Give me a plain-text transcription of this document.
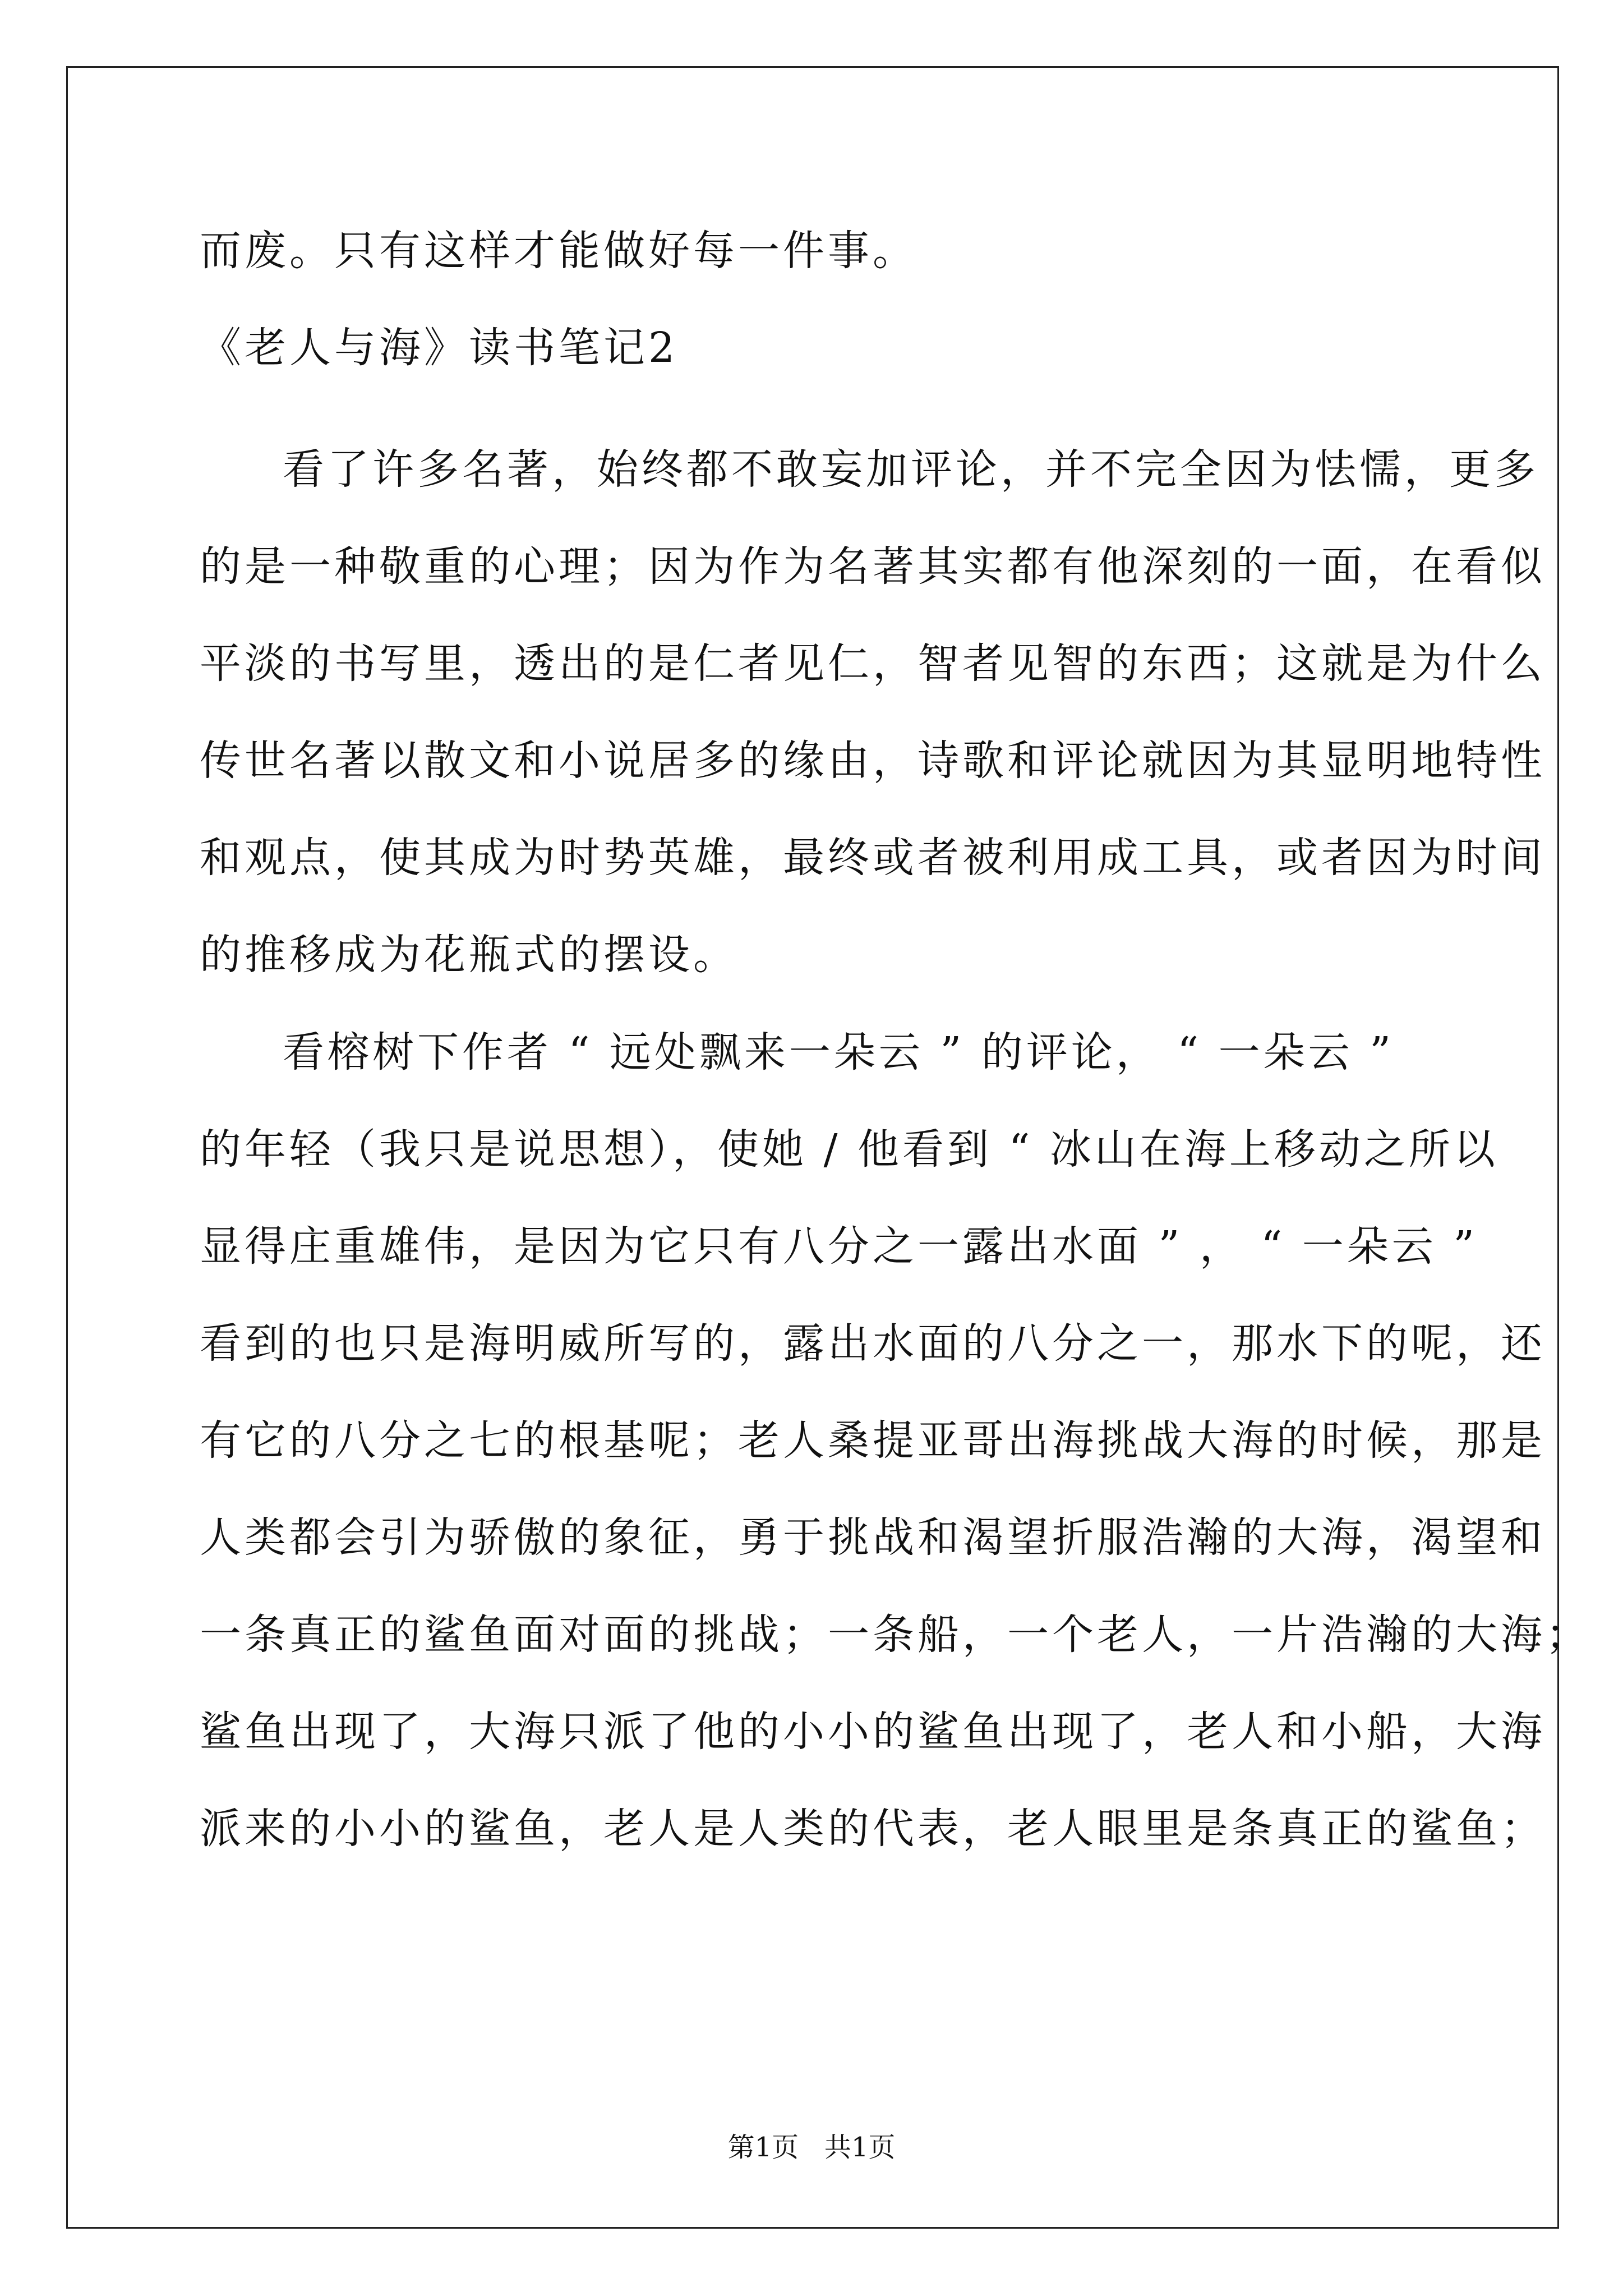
而废。只有这样才能做好每一件事。
《老人与海》读书笔记2
看了许多名著，始终都不敢妄加评论，并不完全因为怯懦，更多
的是一种敬重的心理；因为作为名著其实都有他深刻的一面，在看似
平淡的书写里，透出的是仁者见仁，智者见智的东西；这就是为什么
传世名著以散文和小说居多的缘由，诗歌和评论就因为其显明地特性
和观点，使其成为时势英雄，最终或者被利用成工具，或者因为时间
的推移成为花瓶式的摆设。
看榕树下作者 “ 远处飘来一朵云 ” 的评论， “ 一朵云 ”
的年轻（我只是说思想），使她 / 他看到 “ 冰山在海上移动之所以
显得庄重雄伟，是因为它只有八分之一露出水面 ” ， “ 一朵云 ”
看到的也只是海明威所写的，露出水面的八分之一，那水下的呢，还
有它的八分之七的根基呢；老人桑提亚哥出海挑战大海的时候，那是
人类都会引为骄傲的象征，勇于挑战和渴望折服浩瀚的大海，渴望和
一条真正的鲨鱼面对面的挑战；一条船，一个老人，一片浩瀚的大海；
鲨鱼出现了，大海只派了他的小小的鲨鱼出现了，老人和小船，大海
派来的小小的鲨鱼，老人是人类的代表，老人眼里是条真正的鲨鱼；
第1页   共1页
